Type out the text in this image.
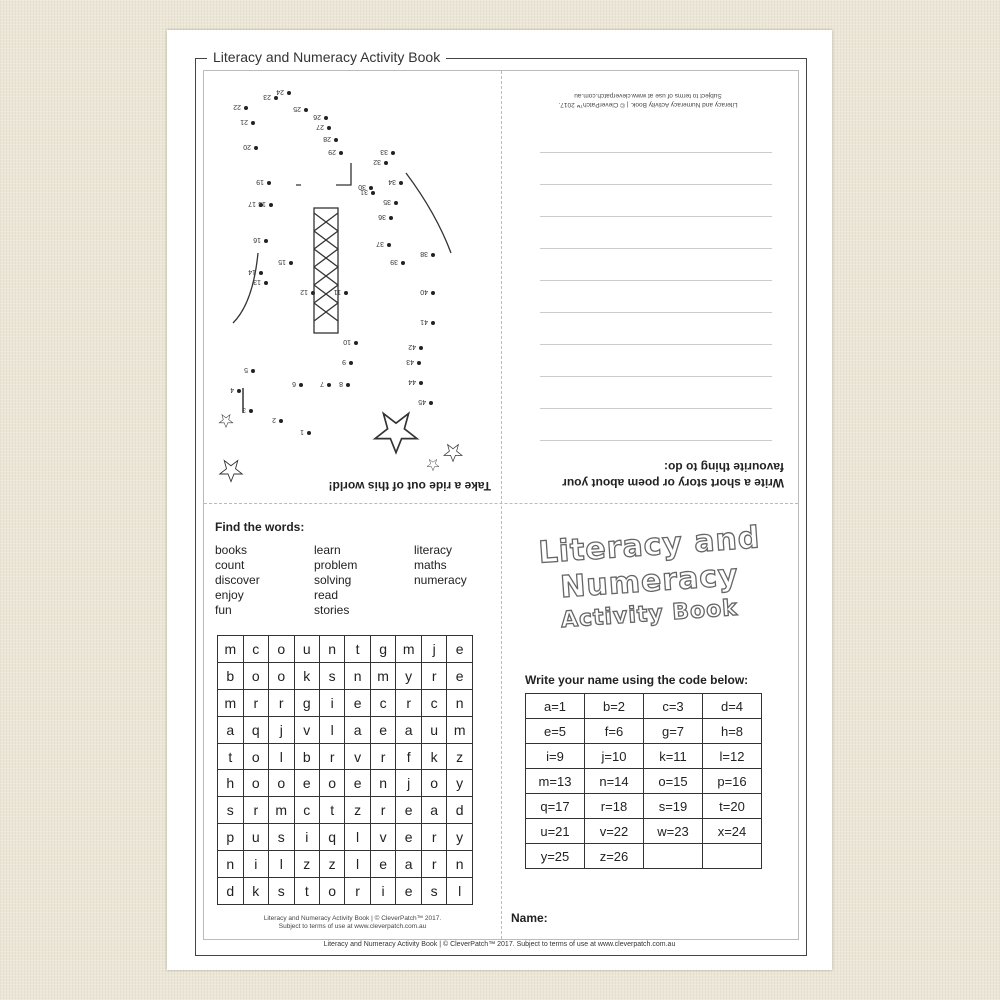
Literacy and Numeracy Activity Book
Literacy and Numeracy Activity Book | © CleverPatch™ 2017. Subject to terms of use at www.cleverpatch.com.au
Take a ride out of this world!
1
2
3
4
5
6	7 8
9
10
11
12
13
14
15
16
17 18
19
20
21
22
23
24
25
26
27
28
29
30
31
32
33
34
35
36
37
38
39
40
41
42
43
44
45
Write a short story or poem about your favourite thing to do:
Literacy and Numeracy Activity Book. | © CleverPatch™ 2017.
Subject to terms of use at www.cleverpatch.com.au
Find the words:
books
count
discover
enjoy
fun
learn
problem
solving
read
stories
literacy
maths
numeracy
m	c	o	u	n	t	g	m	j	e
b	o	o	k	s	n	m	y	r	e
m	r	r	g	i	e	c	r	c	n
a	q	j	v	l	a	e	a	u	m
t	o	l	b	r	v	r	f	k	z
h	o	o	e	o	e	n	j	o	y
s	r	m	c	t	z	r	e	a	d
p	u	s	i	q	l	v	e	r	y
n	i	l	z	z	l	e	a	r	n
d	k	s	t	o	r	i	e	s	l
Literacy and Numeracy Activity Book | © CleverPatch™ 2017.
Subject to terms of use at www.cleverpatch.com.au
Literacy and
Numeracy
Activity Book
Write your name using the code below:
a=1	b=2	c=3	d=4
e=5	f=6	g=7	h=8
i=9	j=10	k=11	l=12
m=13	n=14	o=15	p=16
q=17	r=18	s=19	t=20
u=21	v=22	w=23	x=24
y=25	z=26		
Name:
